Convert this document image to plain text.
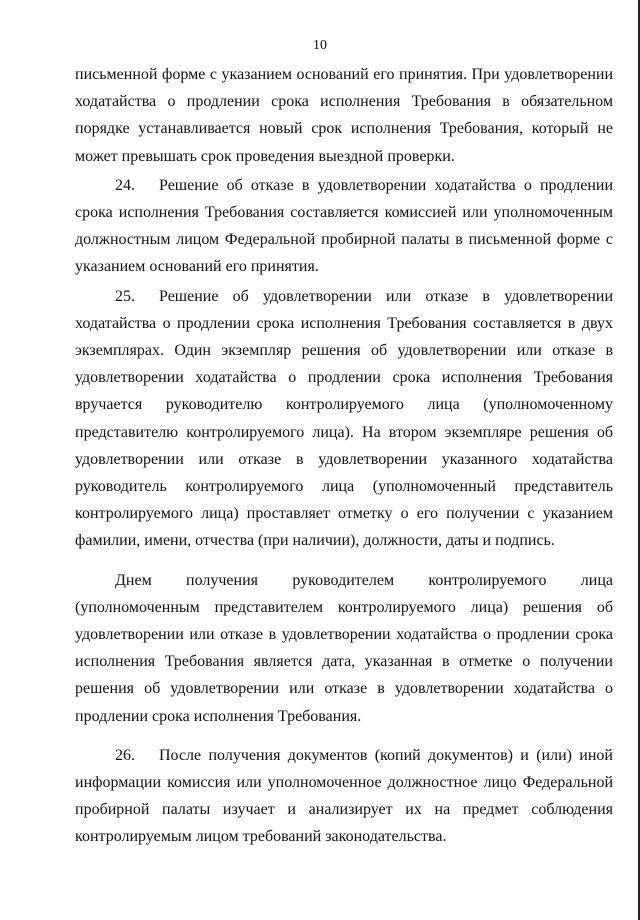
10

письменной форме с указанием оснований его принятия. При удовлетворении ходатайства о продлении срока исполнения Требования в обязательном порядке устанавливается новый срок исполнения Требования, который не может превышать срок проведения выездной проверки.

24. Решение об отказе в удовлетворении ходатайства о продлении срока исполнения Требования составляется комиссией или уполномоченным должностным лицом Федеральной пробирной палаты в письменной форме с указанием оснований его принятия.

25. Решение об удовлетворении или отказе в удовлетворении ходатайства о продлении срока исполнения Требования составляется в двух экземплярах. Один экземпляр решения об удовлетворении или отказе в удовлетворении ходатайства о продлении срока исполнения Требования вручается руководителю контролируемого лица (уполномоченному представителю контролируемого лица). На втором экземпляре решения об удовлетворении или отказе в удовлетворении указанного ходатайства руководитель контролируемого лица (уполномоченный представитель контролируемого лица) проставляет отметку о его получении с указанием фамилии, имени, отчества (при наличии), должности, даты и подпись.

Днем получения руководителем контролируемого лица (уполномоченным представителем контролируемого лица) решения об удовлетворении или отказе в удовлетворении ходатайства о продлении срока исполнения Требования является дата, указанная в отметке о получении решения об удовлетворении или отказе в удовлетворении ходатайства о продлении срока исполнения Требования.

26. После получения документов (копий документов) и (или) иной информации комиссия или уполномоченное должностное лицо Федеральной пробирной палаты изучает и анализирует их на предмет соблюдения контролируемым лицом требований законодательства.
